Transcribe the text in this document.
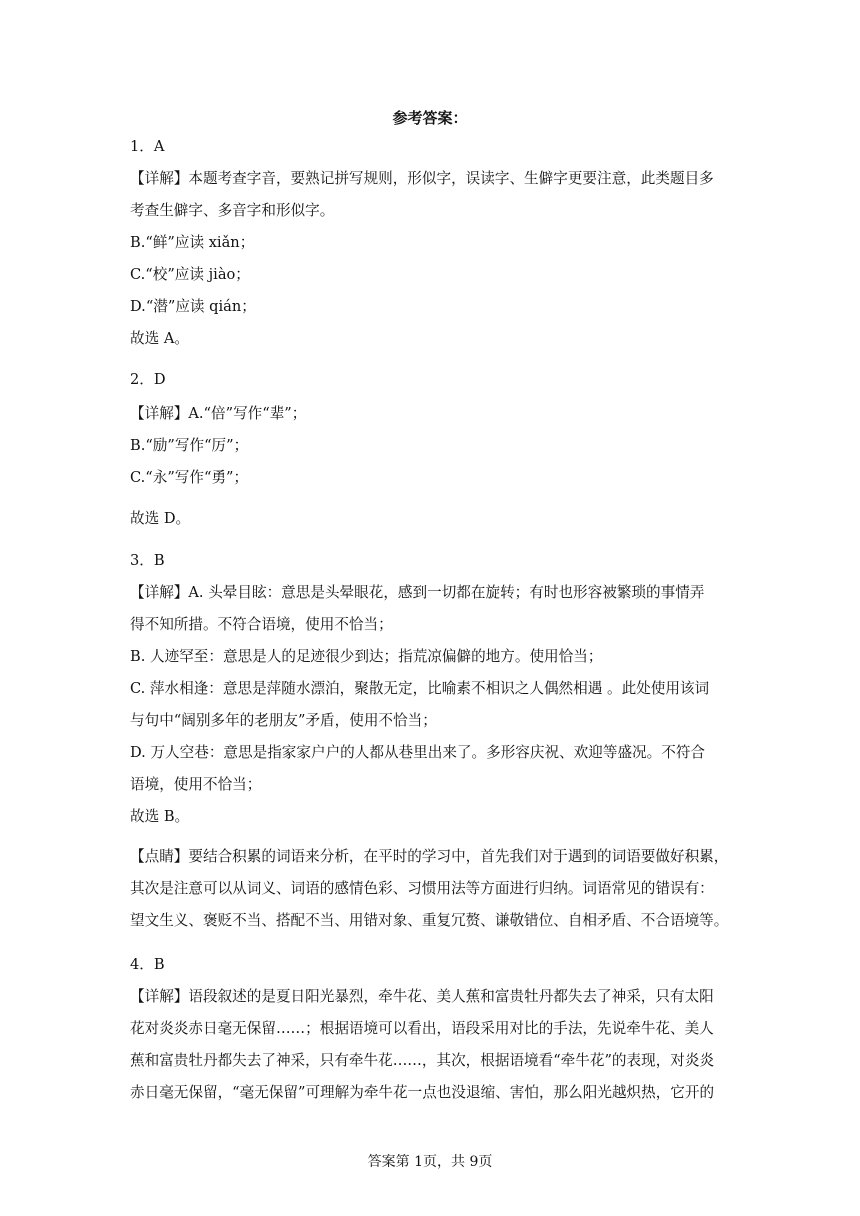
参考答案：
1．A
【详解】本题考查字音，要熟记拼写规则，形似字，误读字、生僻字更要注意，此类题目多
考查生僻字、多音字和形似字。
B.“鲜”应读 xiǎn；
C.“校”应读 jiào；
D.“潜”应读 qián；
故选 A。
2．D
【详解】A.“倍”写作“辈”；
B.“励”写作“厉”；
C.“永”写作“勇”；
故选 D。
3．B
【详解】A. 头晕目眩：意思是头晕眼花，感到一切都在旋转；有时也形容被繁琐的事情弄
得不知所措。不符合语境，使用不恰当；
B. 人迹罕至：意思是人的足迹很少到达；指荒凉偏僻的地方。使用恰当；
C. 萍水相逢：意思是萍随水漂泊，聚散无定，比喻素不相识之人偶然相遇 。此处使用该词
与句中“阔别多年的老朋友”矛盾，使用不恰当；
D. 万人空巷：意思是指家家户户的人都从巷里出来了。多形容庆祝、欢迎等盛况。不符合
语境，使用不恰当；
故选 B。
【点睛】要结合积累的词语来分析，在平时的学习中，首先我们对于遇到的词语要做好积累，
其次是注意可以从词义、词语的感情色彩、习惯用法等方面进行归纳。词语常见的错误有：
望文生义、褒贬不当、搭配不当、用错对象、重复冗赘、谦敬错位、自相矛盾、不合语境等。
4．B
【详解】语段叙述的是夏日阳光暴烈，牵牛花、美人蕉和富贵牡丹都失去了神采，只有太阳
花对炎炎赤日毫无保留……；根据语境可以看出，语段采用对比的手法，先说牵牛花、美人
蕉和富贵牡丹都失去了神采，只有牵牛花……，其次，根据语境看“牵牛花”的表现，对炎炎
赤日毫无保留，“毫无保留”可理解为牵牛花一点也没退缩、害怕，那么阳光越炽热，它开的
答案第 1页，共 9页
